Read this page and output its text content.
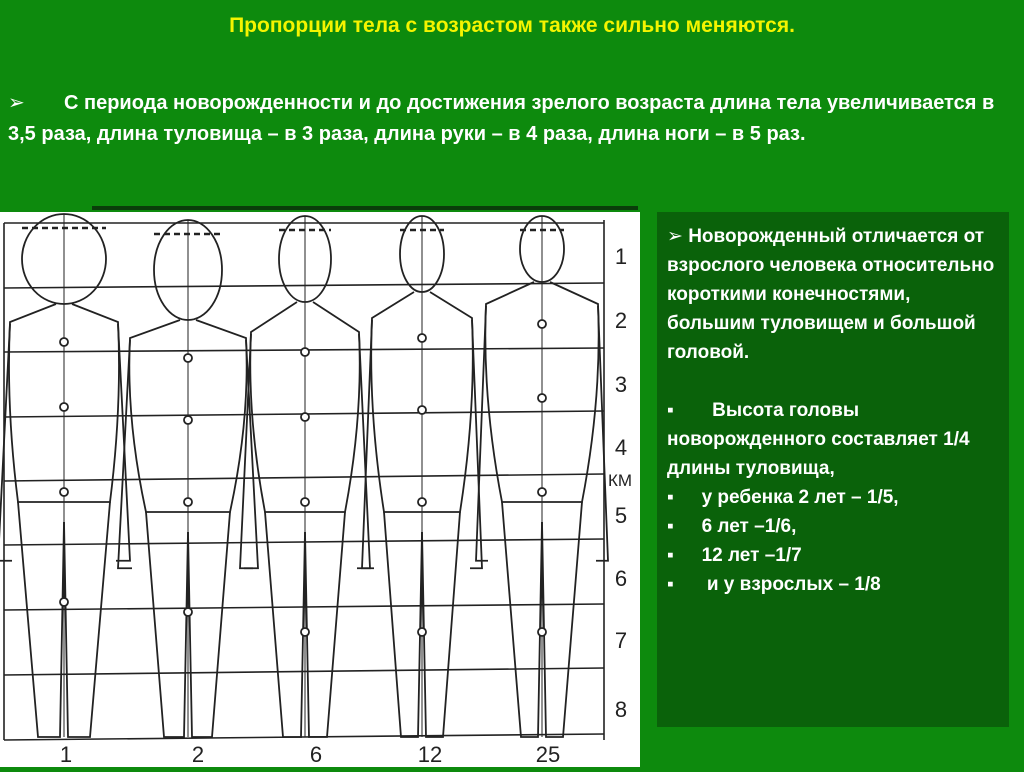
Пропорции тела с возрастом также сильно меняются.
➢ С периода новорожденности и до достижения зрелого возраста длина тела увеличивается в 3,5 раза, длина туловища – в 3 раза, длина руки – в 4 раза, длина ноги – в 5 раз.
1
2
3
4
5
6
7
8
1	2	6	12	25
КМ

➢ Новорожденный отличается от взрослого человека относительно короткими конечностями, большим туловищем и большой головой.

▪ Высота головы новорожденного составляет 1/4 длины туловища,

▪ у ребенка 2 лет – 1/5,

▪ 6 лет –1/6,

▪ 12 лет –1/7

▪ и у взрослых – 1/8
